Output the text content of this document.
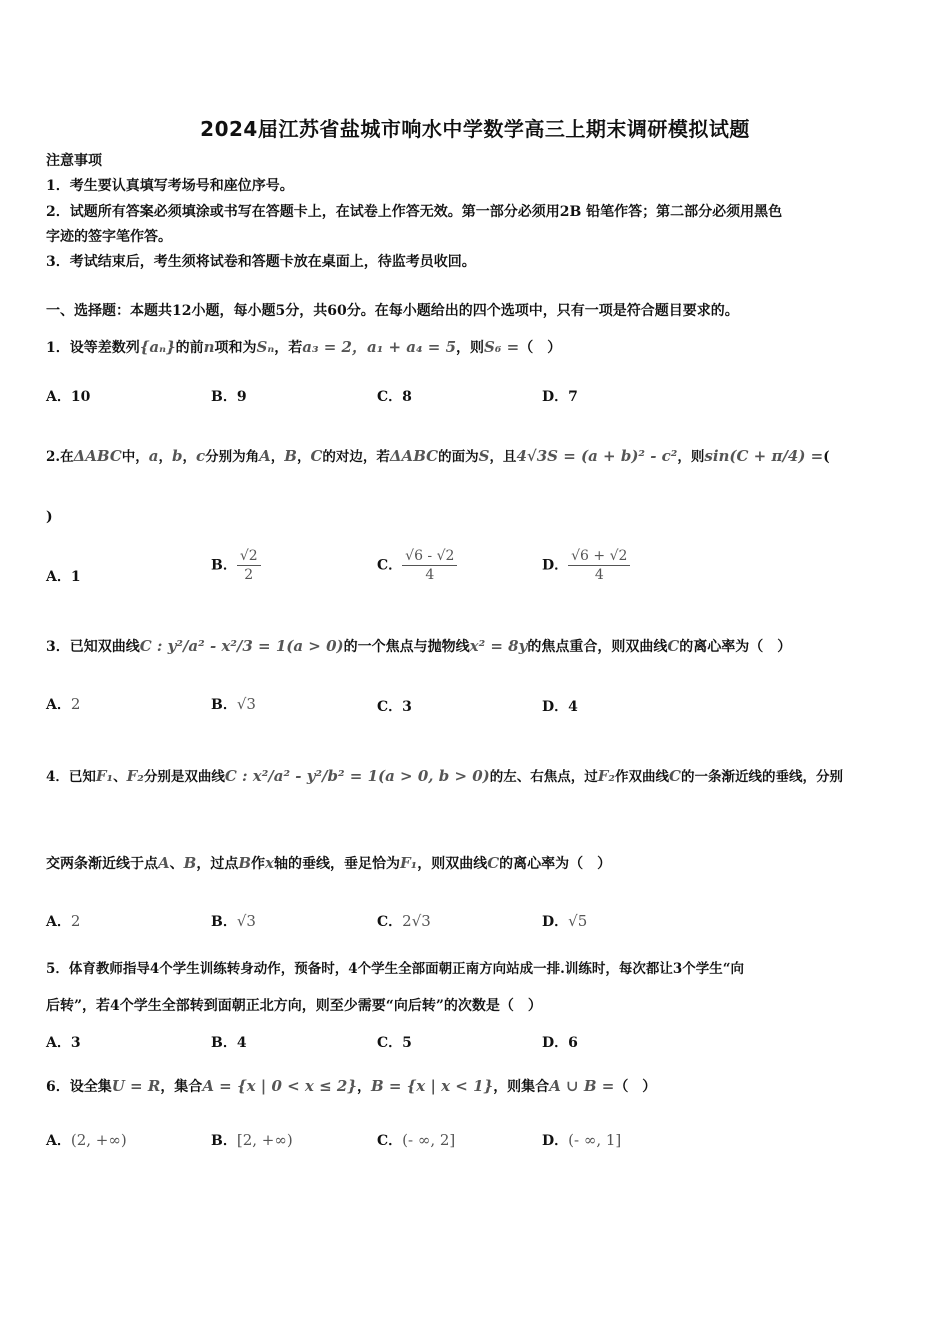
2024届江苏省盐城市响水中学数学高三上期末调研模拟试题
注意事项
1．考生要认真填写考场号和座位序号。
2．试题所有答案必须填涂或书写在答题卡上，在试卷上作答无效。第一部分必须用2B 铅笔作答；第二部分必须用黑色
字迹的签字笔作答。
3．考试结束后，考生须将试卷和答题卡放在桌面上，待监考员收回。
一、选择题：本题共12小题，每小题5分，共60分。在每小题给出的四个选项中，只有一项是符合题目要求的。
1．设等差数列{aₙ}的前n项和为Sₙ，若a₃ = 2，a₁ + a₄ = 5，则S₆ =（　）
A．10	B．9	C．8	D．7
2.在ΔABC中，a，b，c分别为角A，B，C的对边，若ΔABC的面为S，且4√3S = (a + b)² - c²，则sin(C + π/4) =(
)
A．1
B． $\frac{√2}{2}$	C． $\frac{√6 - √2}{4}$	D． $\frac{√6 + √2}{4}$
3．已知双曲线C : y²/a² - x²/3 = 1(a > 0)的一个焦点与抛物线x² = 8y的焦点重合，则双曲线C的离心率为（　）
A．2	B．√3	C．3	D．4
4．已知F₁、F₂分别是双曲线C : x²/a² - y²/b² = 1(a > 0, b > 0)的左、右焦点，过F₂作双曲线C的一条渐近线的垂线，分别
交两条渐近线于点A、B，过点B作x轴的垂线，垂足恰为F₁，则双曲线C的离心率为（　）
A．2	B．√3	C．2√3	D．√5
5．体育教师指导4个学生训练转身动作，预备时，4个学生全部面朝正南方向站成一排.训练时，每次都让3个学生“向
后转”，若4个学生全部转到面朝正北方向，则至少需要“向后转”的次数是（　）
A．3	B．4	C．5	D．6
6．设全集U = R，集合A = {x | 0 < x ≤ 2}，B = {x | x < 1}，则集合A ∪ B =（　）
A．(2, +∞)	B．[2, +∞)	C．(- ∞, 2]	D．(- ∞, 1]
